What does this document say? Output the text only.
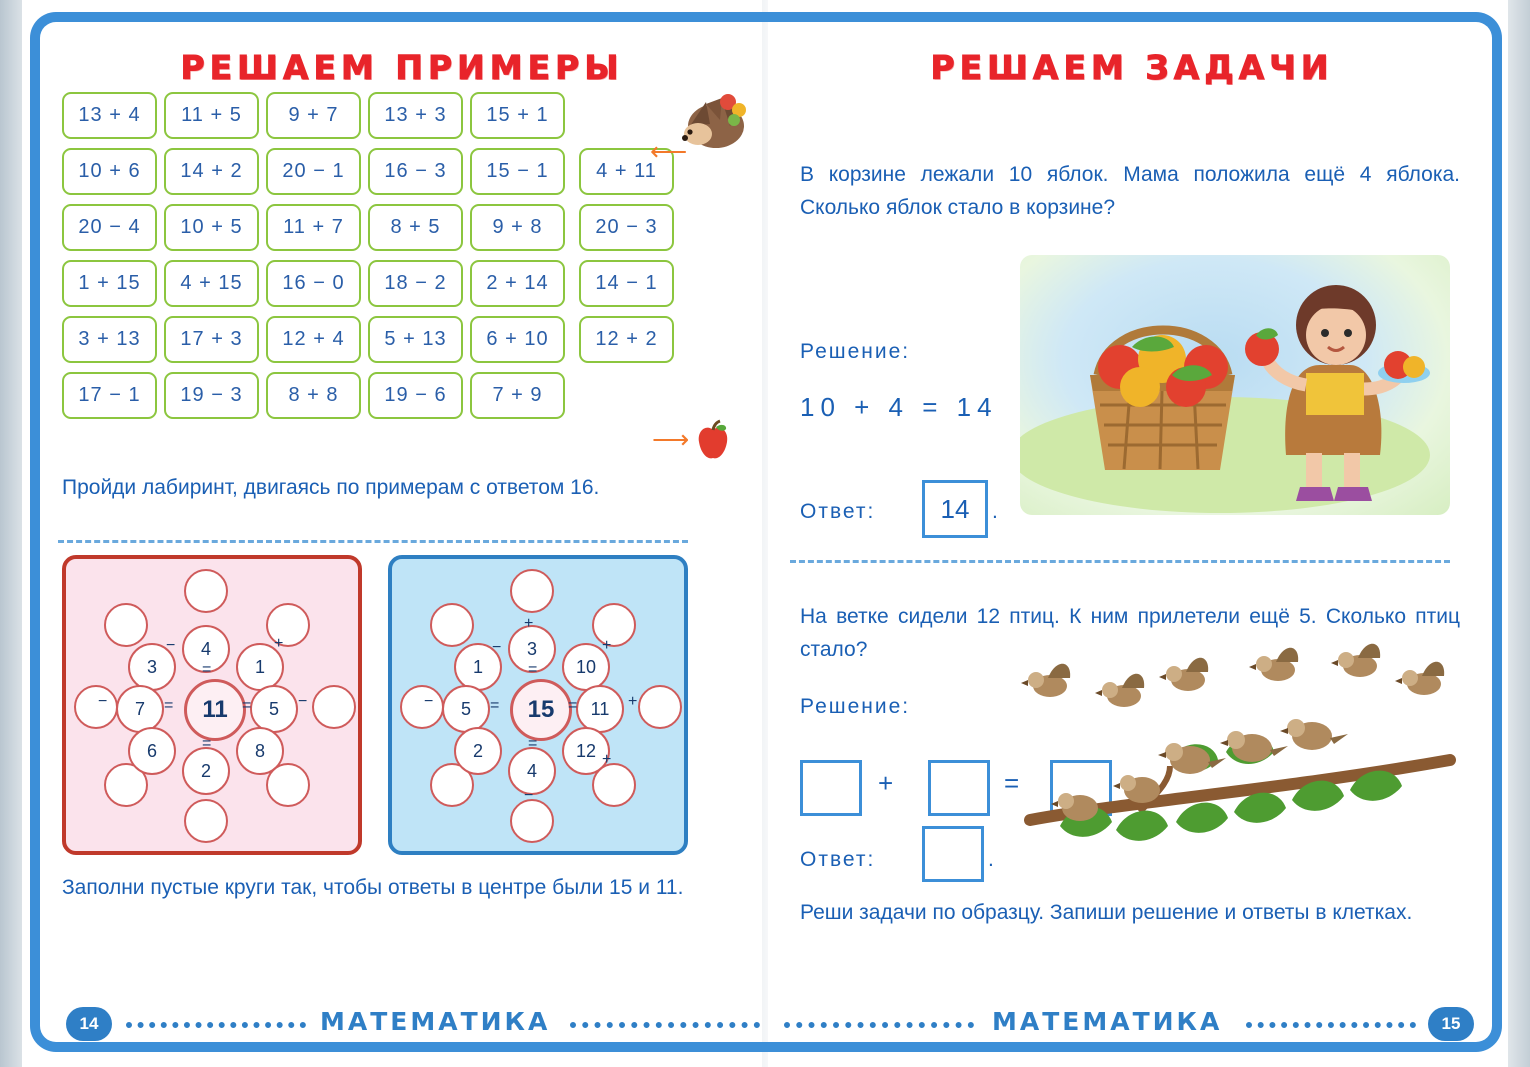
РЕШАЕМ ПРИМЕРЫ
13 + 4	11 + 5	9 + 7	13 + 3	15 + 1
10 + 6	14 + 2	20 − 1	16 − 3	15 − 1	4 + 11
20 − 4	10 + 5	11 + 7	8 + 5	9 + 8	20 − 3
1 + 15	4 + 15	16 − 0	18 − 2	2 + 14	14 − 1
3 + 13	17 + 3	12 + 4	5 + 13	6 + 10	12 + 2
17 − 1	19 − 3	8 + 8	19 − 6	7 + 9
⟵
⟶
Пройди лабиринт, двигаясь по примерам с ответом 16.
4
3	1
7	5
6	8
2
11
−	+
−	−
=
=
=	=
3
1	10
5	11
2	12
4
15
+
−	+
−	+
+
−
=
=
=	=
Заполни пустые круги так, чтобы ответы в центре были 15 и 11.
14	МАТЕМАТИКА
РЕШАЕМ ЗАДАЧИ
В корзине лежали 10 яблок. Мама положила ещё 4 яблока. Сколько яблок стало в корзине?
Решение:
10 + 4 = 14
Ответ:	14	.
На ветке сидели 12 птиц. К ним прилетели ещё 5. Сколько птиц стало?
Решение:
+	=
Ответ:	.
Реши задачи по образцу. Запиши решение и ответы в клетках.
МАТЕМАТИКА	15
